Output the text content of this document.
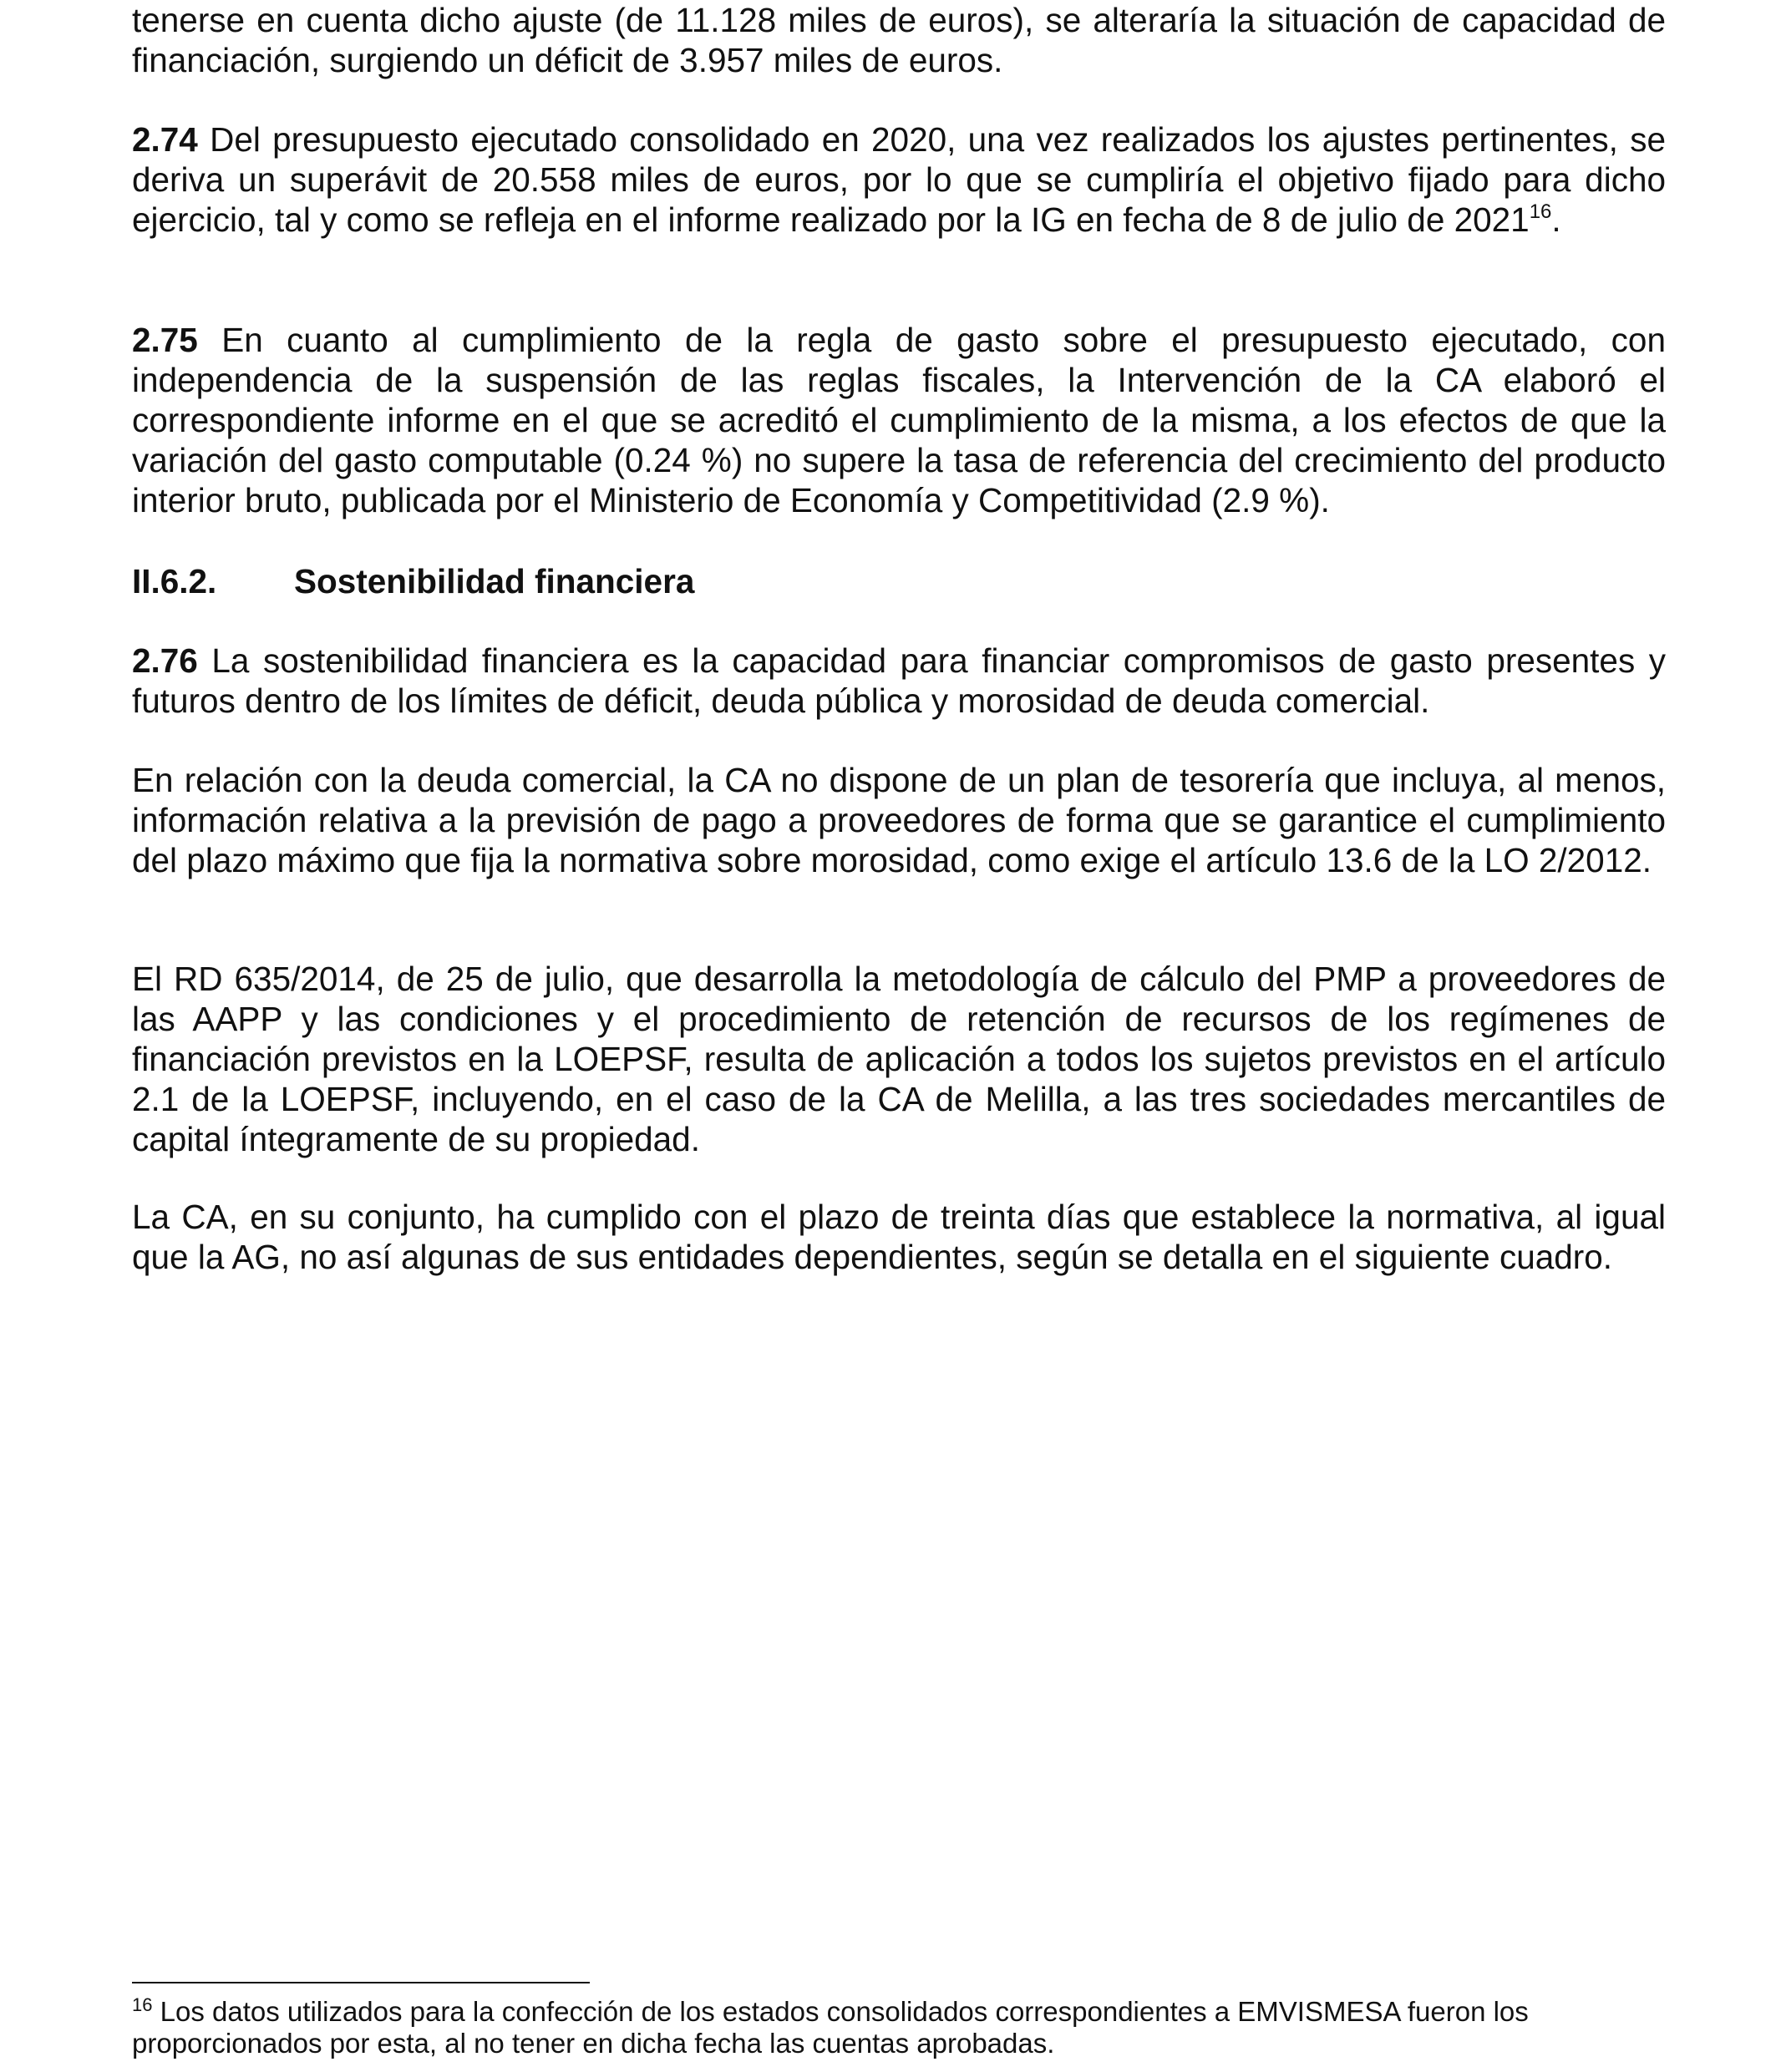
tenerse en cuenta dicho ajuste (de 11.128 miles de euros), se alteraría la situación de capacidad de financiación, surgiendo un déficit de 3.957 miles de euros.

2.74 Del presupuesto ejecutado consolidado en 2020, una vez realizados los ajustes pertinentes, se deriva un superávit de 20.558 miles de euros, por lo que se cumpliría el objetivo fijado para dicho ejercicio, tal y como se refleja en el informe realizado por la IG en fecha de 8 de julio de 2021$^{16}$.

2.75 En cuanto al cumplimiento de la regla de gasto sobre el presupuesto ejecutado, con independencia de la suspensión de las reglas fiscales, la Intervención de la CA elaboró el correspondiente informe en el que se acreditó el cumplimiento de la misma, a los efectos de que la variación del gasto computable (0.24 %) no supere la tasa de referencia del crecimiento del producto interior bruto, publicada por el Ministerio de Economía y Competitividad (2.9 %).

II.6.2. Sostenibilidad financiera

2.76 La sostenibilidad financiera es la capacidad para financiar compromisos de gasto presentes y futuros dentro de los límites de déficit, deuda pública y morosidad de deuda comercial.

En relación con la deuda comercial, la CA no dispone de un plan de tesorería que incluya, al menos, información relativa a la previsión de pago a proveedores de forma que se garantice el cumplimiento del plazo máximo que fija la normativa sobre morosidad, como exige el artículo 13.6 de la LO 2/2012.

El RD 635/2014, de 25 de julio, que desarrolla la metodología de cálculo del PMP a proveedores de las AAPP y las condiciones y el procedimiento de retención de recursos de los regímenes de financiación previstos en la LOEPSF, resulta de aplicación a todos los sujetos previstos en el artículo 2.1 de la LOEPSF, incluyendo, en el caso de la CA de Melilla, a las tres sociedades mercantiles de capital íntegramente de su propiedad.

La CA, en su conjunto, ha cumplido con el plazo de treinta días que establece la normativa, al igual que la AG, no así algunas de sus entidades dependientes, según se detalla en el siguiente cuadro.

$^{16}$ Los datos utilizados para la confección de los estados consolidados correspondientes a EMVISMESA fueron los proporcionados por esta, al no tener en dicha fecha las cuentas aprobadas.
